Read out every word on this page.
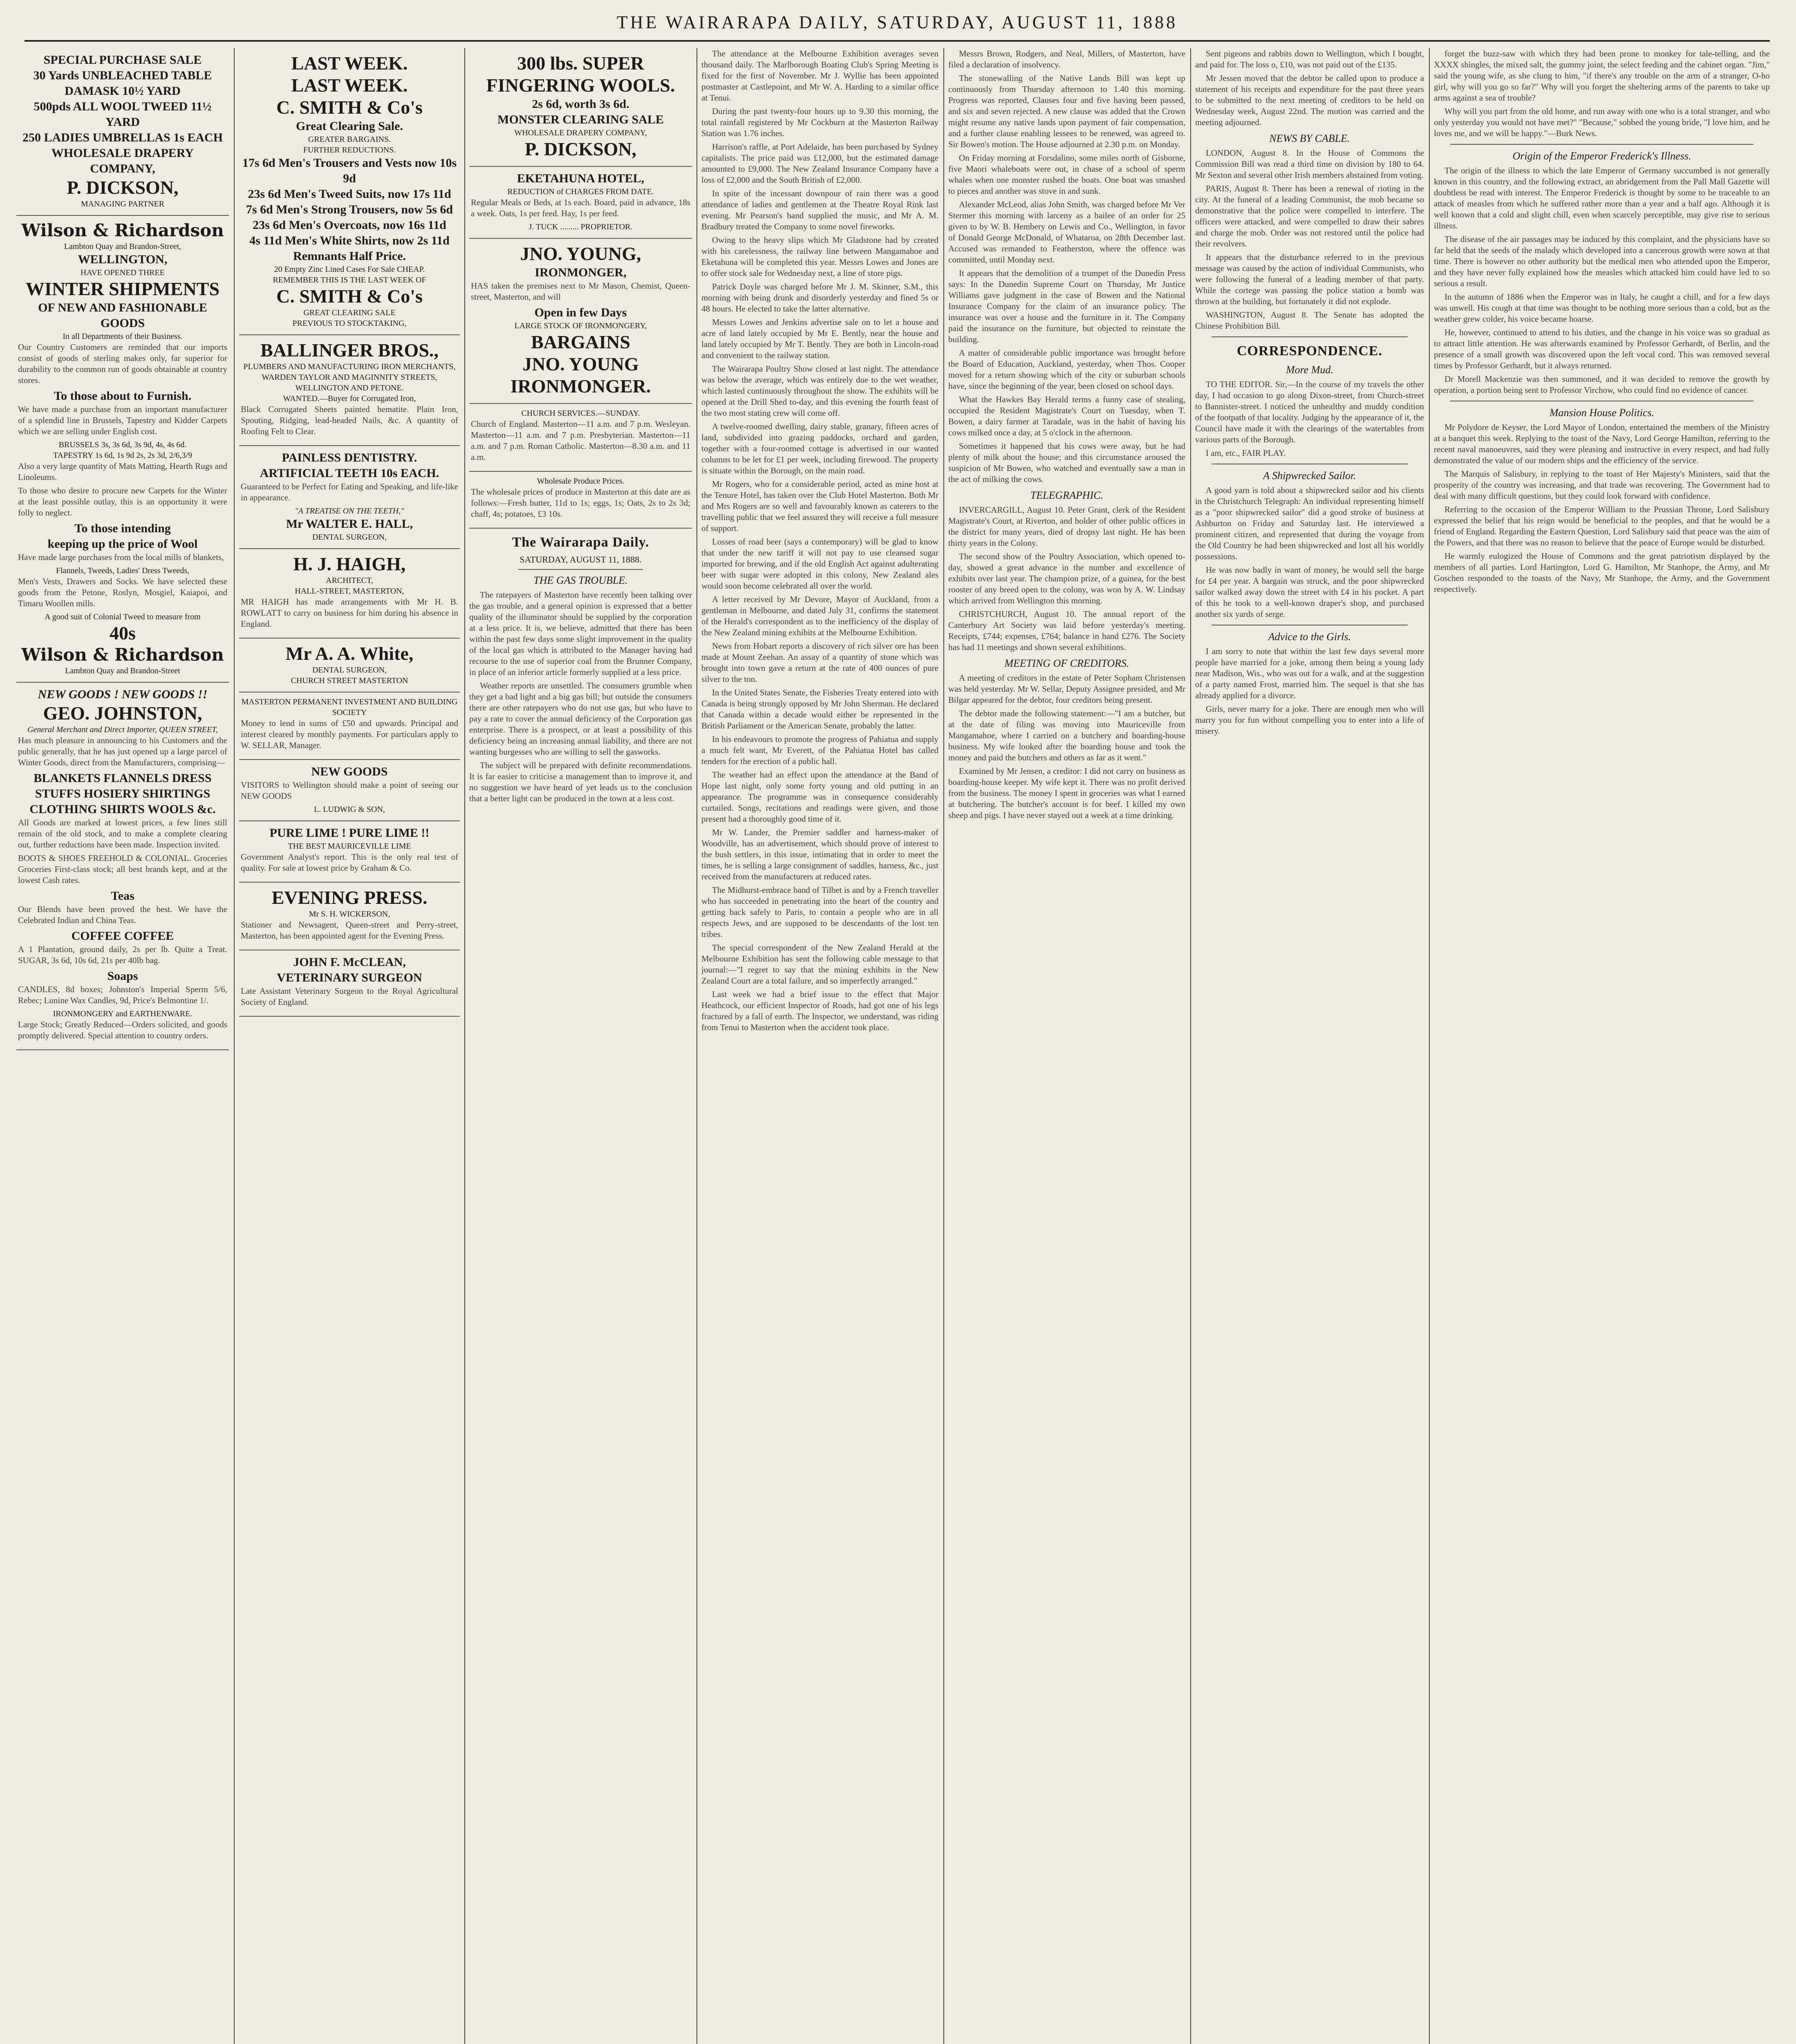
THE WAIRARAPA DAILY, SATURDAY, AUGUST 11, 1888
SPECIAL PURCHASE SALE
30 Yards UNBLEACHED TABLE DAMASK 10½ YARD
500pds ALL WOOL TWEED 11½ YARD
250 LADIES UMBRELLAS 1s EACH
WHOLESALE DRAPERY COMPANY,
P. DICKSON,
MANAGING PARTNER
Wilson & Richardson
Lambton Quay and Brandon-Street,
WELLINGTON,
HAVE OPENED THREE
WINTER SHIPMENTS
OF NEW AND FASHIONABLE GOODS
In all Departments of their Business.

Our Country Customers are reminded that our imports consist of goods of sterling makes only, far superior for durability to the common run of goods obtainable at country stores.

To those about to Furnish.

We have made a purchase from an important manufacturer of a splendid line in Brussels, Tapestry and Kidder Carpets which we are selling under English cost.

BRUSSELS 3s, 3s 6d, 3s 9d, 4s, 4s 6d.
TAPESTRY 1s 6d, 1s 9d 2s, 2s 3d, 2/6,3/9

Also a very large quantity of Mats Matting, Hearth Rugs and Linoleums.

To those who desire to procure new Carpets for the Winter at the least possible outlay, this is an opportunity it were folly to neglect.

To those intending
keeping up the price of Wool

Have made large purchases from the local mills of blankets,

Flannels, Tweeds, Ladies' Dress Tweeds,

Men's Vests, Drawers and Socks. We have selected these goods from the Petone, Roslyn, Mosgiel, Kaiapoi, and Timaru Woollen mills.

A good suit of Colonial Tweed to measure from
40s
Wilson & Richardson
Lambton Quay and Brandon-Street
NEW GOODS ! NEW GOODS !!
GEO. JOHNSTON,
General Merchant and Direct Importer, QUEEN STREET,

Has much pleasure in announcing to his Customers and the public generally, that he has just opened up a large parcel of Winter Goods, direct from the Manufacturers, comprising—

BLANKETS FLANNELS DRESS STUFFS HOSIERY SHIRTINGS CLOTHING SHIRTS WOOLS &c.

All Goods are marked at lowest prices, a few lines still remain of the old stock, and to make a complete clearing out, further reductions have been made. Inspection invited.

BOOTS & SHOES FREEHOLD & COLONIAL. Groceries Groceries First-class stock; all best brands kept, and at the lowest Cash rates.

Teas

Our Blends have been proved the best. We have the Celebrated Indian and China Teas.

COFFEE COFFEE

A 1 Plantation, ground daily, 2s per lb. Quite a Treat. SUGAR, 3s 6d, 10s 6d, 21s per 40lb bag.

Soaps

CANDLES, 8d boxes; Johnston's Imperial Sperm 5/6, Rebec; Lunine Wax Candles, 9d, Price's Belmontine 1/.

IRONMONGERY and EARTHENWARE.

Large Stock; Greatly Reduced—Orders solicited, and goods promptly delivered. Special attention to country orders.

LAST WEEK.
LAST WEEK.
C. SMITH & Co's
Great Clearing Sale.
GREATER BARGAINS.
FURTHER REDUCTIONS.
17s 6d Men's Trousers and Vests now 10s 9d
23s 6d Men's Tweed Suits, now 17s 11d
7s 6d Men's Strong Trousers, now 5s 6d
23s 6d Men's Overcoats, now 16s 11d
4s 11d Men's White Shirts, now 2s 11d
Remnants Half Price.
20 Empty Zinc Lined Cases For Sale CHEAP.
REMEMBER THIS IS THE LAST WEEK OF
C. SMITH & Co's
GREAT CLEARING SALE
PREVIOUS TO STOCKTAKING,
BALLINGER BROS.,
PLUMBERS AND MANUFACTURING IRON MERCHANTS,
WARDEN TAYLOR AND MAGINNITY STREETS, WELLINGTON AND PETONE.
WANTED.—Buyer for Corrugated Iron,

Black Corrugated Sheets painted hematite. Plain Iron, Spouting, Ridging, lead-headed Nails, &c. A quantity of Roofing Felt to Clear.

PAINLESS DENTISTRY.
ARTIFICIAL TEETH 10s EACH.

Guaranteed to be Perfect for Eating and Speaking, and life-like in appearance.

"A TREATISE ON THE TEETH,"
Mr WALTER E. HALL,
DENTAL SURGEON,
H. J. HAIGH,
ARCHITECT,
HALL-STREET, MASTERTON,

MR HAIGH has made arrangements with Mr H. B. ROWLATT to carry on business for him during his absence in England.

Mr A. A. White,
DENTAL SURGEON,
CHURCH STREET MASTERTON
MASTERTON PERMANENT INVESTMENT AND BUILDING SOCIETY

Money to lend in sums of £50 and upwards. Principal and interest cleared by monthly payments. For particulars apply to W. SELLAR, Manager.

NEW GOODS

VISITORS to Wellington should make a point of seeing our NEW GOODS

L. LUDWIG & SON,
PURE LIME ! PURE LIME !!
THE BEST MAURICEVILLE LIME

Government Analyst's report. This is the only real test of quality. For sale at lowest price by Graham & Co.

EVENING PRESS.
Mr S. H. WICKERSON,

Stationer and Newsagent, Queen-street and Perry-street, Masterton, has been appointed agent for the Evening Press.

JOHN F. McCLEAN,
VETERINARY SURGEON

Late Assistant Veterinary Surgeon to the Royal Agricultural Society of England.

300 lbs. SUPER FINGERING WOOLS.
2s 6d, worth 3s 6d.
MONSTER CLEARING SALE
WHOLESALE DRAPERY COMPANY,
P. DICKSON,
EKETAHUNA HOTEL,
REDUCTION of CHARGES FROM DATE.

Regular Meals or Beds, at 1s each. Board, paid in advance, 18s a week. Oats, 1s per feed. Hay, 1s per feed.

J. TUCK ......... PROPRIETOR.
JNO. YOUNG,
IRONMONGER,

HAS taken the premises next to Mr Mason, Chemist, Queen-street, Masterton, and will

Open in few Days
LARGE STOCK OF IRONMONGERY,
BARGAINS
JNO. YOUNG
IRONMONGER.
CHURCH SERVICES.—SUNDAY.

Church of England. Masterton—11 a.m. and 7 p.m. Wesleyan. Masterton—11 a.m. and 7 p.m. Presbyterian. Masterton—11 a.m. and 7 p.m. Roman Catholic. Masterton—8.30 a.m. and 11 a.m.

Wholesale Produce Prices.

The wholesale prices of produce in Masterton at this date are as follows:—Fresh butter, 11d to 1s; eggs, 1s; Oats, 2s to 2s 3d; chaff, 4s; potatoes, £3 10s.

The Wairarapa Daily.
SATURDAY, AUGUST 11, 1888.
THE GAS TROUBLE.

The ratepayers of Masterton have recently been talking over the gas trouble, and a general opinion is expressed that a better quality of the illuminator should be supplied by the corporation at a less price. It is, we believe, admitted that there has been within the past few days some slight improvement in the quality of the local gas which is attributed to the Manager having had recourse to the use of superior coal from the Brunner Company, in place of an inferior article formerly supplied at a less price.

Weather reports are unsettled. The consumers grumble when they get a bad light and a big gas bill; but outside the consumers there are other ratepayers who do not use gas, but who have to pay a rate to cover the annual deficiency of the Corporation gas enterprise. There is a prospect, or at least a possibility of this deficiency being an increasing annual liability, and there are not wanting burgesses who are willing to sell the gasworks.

The subject will be prepared with definite recommendations. It is far easier to criticise a management than to improve it, and no suggestion we have heard of yet leads us to the conclusion that a better light can be produced in the town at a less cost.

The attendance at the Melbourne Exhibition averages seven thousand daily. The Marlborough Boating Club's Spring Meeting is fixed for the first of November. Mr J. Wyllie has been appointed postmaster at Castlepoint, and Mr W. A. Harding to a similar office at Tenui.

During the past twenty-four hours up to 9.30 this morning, the total rainfall registered by Mr Cockburn at the Masterton Railway Station was 1.76 inches.

Harrison's raffle, at Port Adelaide, has been purchased by Sydney capitalists. The price paid was £12,000, but the estimated damage amounted to £9,000. The New Zealand Insurance Company have a loss of £2,000 and the South British of £2,000.

In spite of the incessant downpour of rain there was a good attendance of ladies and gentlemen at the Theatre Royal Rink last evening. Mr Pearson's band supplied the music, and Mr A. M. Bradbury treated the Company to some novel fireworks.

Owing to the heavy slips which Mr Gladstone had by created with his carelessness, the railway line between Mangamahoe and Eketahuna will be completed this year. Messrs Lowes and Jones are to offer stock sale for Wednesday next, a line of store pigs.

Patrick Doyle was charged before Mr J. M. Skinner, S.M., this morning with being drunk and disorderly yesterday and fined 5s or 48 hours. He elected to take the latter alternative.

Messrs Lowes and Jenkins advertise sale on to let a house and acre of land lately occupied by Mr E. Bently, near the house and land lately occupied by Mr T. Bently. They are both in Lincoln-road and convenient to the railway station.

The Wairarapa Poultry Show closed at last night. The attendance was below the average, which was entirely due to the wet weather, which lasted continuously throughout the show. The exhibits will be opened at the Drill Shed to-day, and this evening the fourth feast of the two most stating crew will come off.

A twelve-roomed dwelling, dairy stable, granary, fifteen acres of land, subdivided into grazing paddocks, orchard and garden, together with a four-roomed cottage is advertised in our wanted columns to be let for £1 per week, including firewood. The property is situate within the Borough, on the main road.

Mr Rogers, who for a considerable period, acted as mine host at the Tenure Hotel, has taken over the Club Hotel Masterton. Both Mr and Mrs Rogers are so well and favourably known as caterers to the travelling public that we feel assured they will receive a full measure of support.

Losses of road beer (says a contemporary) will be glad to know that under the new tariff it will not pay to use cleansed sugar imported for brewing, and if the old English Act against adulterating beer with sugar were adopted in this colony, New Zealand ales would soon become celebrated all over the world.

A letter received by Mr Devore, Mayor of Auckland, from a gentleman in Melbourne, and dated July 31, confirms the statement of the Herald's correspondent as to the inefficiency of the display of the New Zealand mining exhibits at the Melbourne Exhibition.

News from Hobart reports a discovery of rich silver ore has been made at Mount Zeehan. An assay of a quantity of stone which was brought into town gave a return at the rate of 400 ounces of pure silver to the ton.

In the United States Senate, the Fisheries Treaty entered into with Canada is being strongly opposed by Mr John Sherman. He declared that Canada within a decade would either be represented in the British Parliament or the American Senate, probably the latter.

In his endeavours to promote the progress of Pahiatua and supply a much felt want, Mr Everett, of the Pahiatua Hotel has called tenders for the erection of a public hall.

The weather had an effect upon the attendance at the Band of Hope last night, only some forty young and old putting in an appearance. The programme was in consequence considerably curtailed. Songs, recitations and readings were given, and those present had a thoroughly good time of it.

Mr W. Lander, the Premier saddler and harness-maker of Woodville, has an advertisement, which should prove of interest to the bush settlers, in this issue, intimating that in order to meet the times, he is selling a large consignment of saddles, harness, &c., just received from the manufacturers at reduced rates.

The Midhurst-embrace band of Tilbet is and by a French traveller who has succeeded in penetrating into the heart of the country and getting back safely to Paris, to contain a people who are in all respects Jews, and are supposed to be descendants of the lost ten tribes.

The special correspondent of the New Zealand Herald at the Melbourne Exhibition has sent the following cable message to that journal:—"I regret to say that the mining exhibits in the New Zealand Court are a total failure, and so imperfectly arranged."

Last week we had a brief issue to the effect that Major Heathcock, our efficient Inspector of Roads, had got one of his legs fractured by a fall of earth. The Inspector, we understand, was riding from Tenui to Masterton when the accident took place.

Messrs Brown, Rodgers, and Neal, Millers, of Masterton, have filed a declaration of insolvency.

The stonewalling of the Native Lands Bill was kept up continuously from Thursday afternoon to 1.40 this morning. Progress was reported, Clauses four and five having been passed, and six and seven rejected. A new clause was added that the Crown might resume any native lands upon payment of fair compensation, and a further clause enabling lessees to be renewed, was agreed to. Sir Bowen's motion. The House adjourned at 2.30 p.m. on Monday.

On Friday morning at Forsdalino, some miles north of Gisborne, five Maori whaleboats were out, in chase of a school of sperm whales when one monster rushed the boats. One boat was smashed to pieces and another was stove in and sunk.

Alexander McLeod, alias John Smith, was charged before Mr Ver Stermer this morning with larceny as a bailee of an order for 25 given to by W. B. Hembery on Lewis and Co., Wellington, in favor of Donald George McDonald, of Whataroa, on 28th December last. Accused was remanded to Featherston, where the offence was committed, until Monday next.

It appears that the demolition of a trumpet of the Dunedin Press says: In the Dunedin Supreme Court on Thursday, Mr Justice Williams gave judgment in the case of Bowen and the National Insurance Company for the claim of an insurance policy. The insurance was over a house and the furniture in it. The Company paid the insurance on the furniture, but objected to reinstate the building.

A matter of considerable public importance was brought before the Board of Education, Auckland, yesterday, when Thos. Cooper moved for a return showing which of the city or suburban schools have, since the beginning of the year, been closed on school days.

What the Hawkes Bay Herald terms a funny case of stealing, occupied the Resident Magistrate's Court on Tuesday, when T. Bowen, a dairy farmer at Taradale, was in the habit of having his cows milked once a day, at 5 o'clock in the afternoon.

Sometimes it happened that his cows were away, but he had plenty of milk about the house; and this circumstance aroused the suspicion of Mr Bowen, who watched and eventually saw a man in the act of milking the cows.

TELEGRAPHIC.

INVERCARGILL, August 10. Peter Grant, clerk of the Resident Magistrate's Court, at Riverton, and holder of other public offices in the district for many years, died of dropsy last night. He has been thirty years in the Colony.

The second show of the Poultry Association, which opened to-day, showed a great advance in the number and excellence of exhibits over last year. The champion prize, of a guinea, for the best rooster of any breed open to the colony, was won by A. W. Lindsay which arrived from Wellington this morning.

CHRISTCHURCH, August 10. The annual report of the Canterbury Art Society was laid before yesterday's meeting. Receipts, £744; expenses, £764; balance in hand £276. The Society has had 11 meetings and shown several exhibitions.

MEETING OF CREDITORS.

A meeting of creditors in the estate of Peter Sopham Christensen was held yesterday. Mr W. Sellar, Deputy Assignee presided, and Mr Bilgar appeared for the debtor, four creditors being present.

The debtor made the following statement:—"I am a butcher, but at the date of filing was moving into Mauriceville from Mangamahoe, where I carried on a butchery and boarding-house business. My wife looked after the boarding house and took the money and paid the butchers and others as far as it went."

Examined by Mr Jensen, a creditor: I did not carry on business as boarding-house keeper. My wife kept it. There was no profit derived from the business. The money I spent in groceries was what I earned at butchering. The butcher's account is for beef. I killed my own sheep and pigs. I have never stayed out a week at a time drinking.

Sent pigeons and rabbits down to Wellington, which I bought, and paid for. The loss o, £10, was not paid out of the £135.

Mr Jessen moved that the debtor be called upon to produce a statement of his receipts and expenditure for the past three years to be submitted to the next meeting of creditors to be held on Wednesday week, August 22nd. The motion was carried and the meeting adjourned.

NEWS BY CABLE.

LONDON, August 8. In the House of Commons the Commission Bill was read a third time on division by 180 to 64. Mr Sexton and several other Irish members abstained from voting.

PARIS, August 8. There has been a renewal of rioting in the city. At the funeral of a leading Communist, the mob became so demonstrative that the police were compelled to interfere. The officers were attacked, and were compelled to draw their sabres and charge the mob. Order was not restored until the police had their revolvers.

It appears that the disturbance referred to in the previous message was caused by the action of individual Communists, who were following the funeral of a leading member of that party. While the cortege was passing the police station a bomb was thrown at the building, but fortunately it did not explode.

WASHINGTON, August 8. The Senate has adopted the Chinese Prohibition Bill.

CORRESPONDENCE.
More Mud.

TO THE EDITOR. Sir,—In the course of my travels the other day, I had occasion to go along Dixon-street, from Church-street to Bannister-street. I noticed the unhealthy and muddy condition of the footpath of that locality. Judging by the appearance of it, the Council have made it with the clearings of the watertables from various parts of the Borough.

I am, etc., FAIR PLAY.

A Shipwrecked Sailor.

A good yarn is told about a shipwrecked sailor and his clients in the Christchurch Telegraph: An individual representing himself as a "poor shipwrecked sailor" did a good stroke of business at Ashburton on Friday and Saturday last. He interviewed a prominent citizen, and represented that during the voyage from the Old Country he had been shipwrecked and lost all his worldly possessions.

He was now badly in want of money, he would sell the barge for £4 per year. A bargain was struck, and the poor shipwrecked sailor walked away down the street with £4 in his pocket. A part of this he took to a well-known draper's shop, and purchased another six yards of serge.

Advice to the Girls.

I am sorry to note that within the last few days several more people have married for a joke, among them being a young lady near Madison, Wis., who was out for a walk, and at the suggestion of a party named Frost, married him. The sequel is that she has already applied for a divorce.

Girls, never marry for a joke. There are enough men who will marry you for fun without compelling you to enter into a life of misery.

forget the buzz-saw with which they had been prone to monkey for tale-telling, and the XXXX shingles, the mixed salt, the gummy joint, the select feeding and the cabinet organ. "Jim," said the young wife, as she clung to him, "if there's any trouble on the arm of a stranger, O-ho girl, why will you go so far?" Why will you forget the sheltering arms of the parents to take up arms against a sea of trouble?

Why will you part from the old home, and run away with one who is a total stranger, and who only yesterday you would not have met?" "Because," sobbed the young bride, "I love him, and he loves me, and we will be happy."—Burk News.

Origin of the Emperor Frederick's Illness.

The origin of the illness to which the late Emperor of Germany succumbed is not generally known in this country, and the following extract, an abridgement from the Pall Mall Gazette will doubtless be read with interest. The Emperor Frederick is thought by some to be traceable to an attack of measles from which he suffered rather more than a year and a half ago. Although it is well known that a cold and slight chill, even when scarcely perceptible, may give rise to serious illness.

The disease of the air passages may be induced by this complaint, and the physicians have so far held that the seeds of the malady which developed into a cancerous growth were sown at that time. There is however no other authority but the medical men who attended upon the Emperor, and they have never fully explained how the measles which attacked him could have led to so serious a result.

In the autumn of 1886 when the Emperor was in Italy, he caught a chill, and for a few days was unwell. His cough at that time was thought to be nothing more serious than a cold, but as the weather grew colder, his voice became hoarse.

He, however, continued to attend to his duties, and the change in his voice was so gradual as to attract little attention. He was afterwards examined by Professor Gerhardt, of Berlin, and the presence of a small growth was discovered upon the left vocal cord. This was removed several times by Professor Gerhardt, but it always returned.

Dr Morell Mackenzie was then summoned, and it was decided to remove the growth by operation, a portion being sent to Professor Virchow, who could find no evidence of cancer.

Mansion House Politics.

Mr Polydore de Keyser, the Lord Mayor of London, entertained the members of the Ministry at a banquet this week. Replying to the toast of the Navy, Lord George Hamilton, referring to the recent naval manoeuvres, said they were pleasing and instructive in every respect, and had fully demonstrated the value of our modern ships and the efficiency of the service.

The Marquis of Salisbury, in replying to the toast of Her Majesty's Ministers, said that the prosperity of the country was increasing, and that trade was recovering. The Government had to deal with many difficult questions, but they could look forward with confidence.

Referring to the occasion of the Emperor William to the Prussian Throne, Lord Salisbury expressed the belief that his reign would be beneficial to the peoples, and that he would be a friend of England. Regarding the Eastern Question, Lord Salisbury said that peace was the aim of the Powers, and that there was no reason to believe that the peace of Europe would be disturbed.

He warmly eulogized the House of Commons and the great patriotism displayed by the members of all parties. Lord Hartington, Lord G. Hamilton, Mr Stanhope, the Army, and Mr Goschen responded to the toasts of the Navy, Mr Stanhope, the Army, and the Government respectively.
